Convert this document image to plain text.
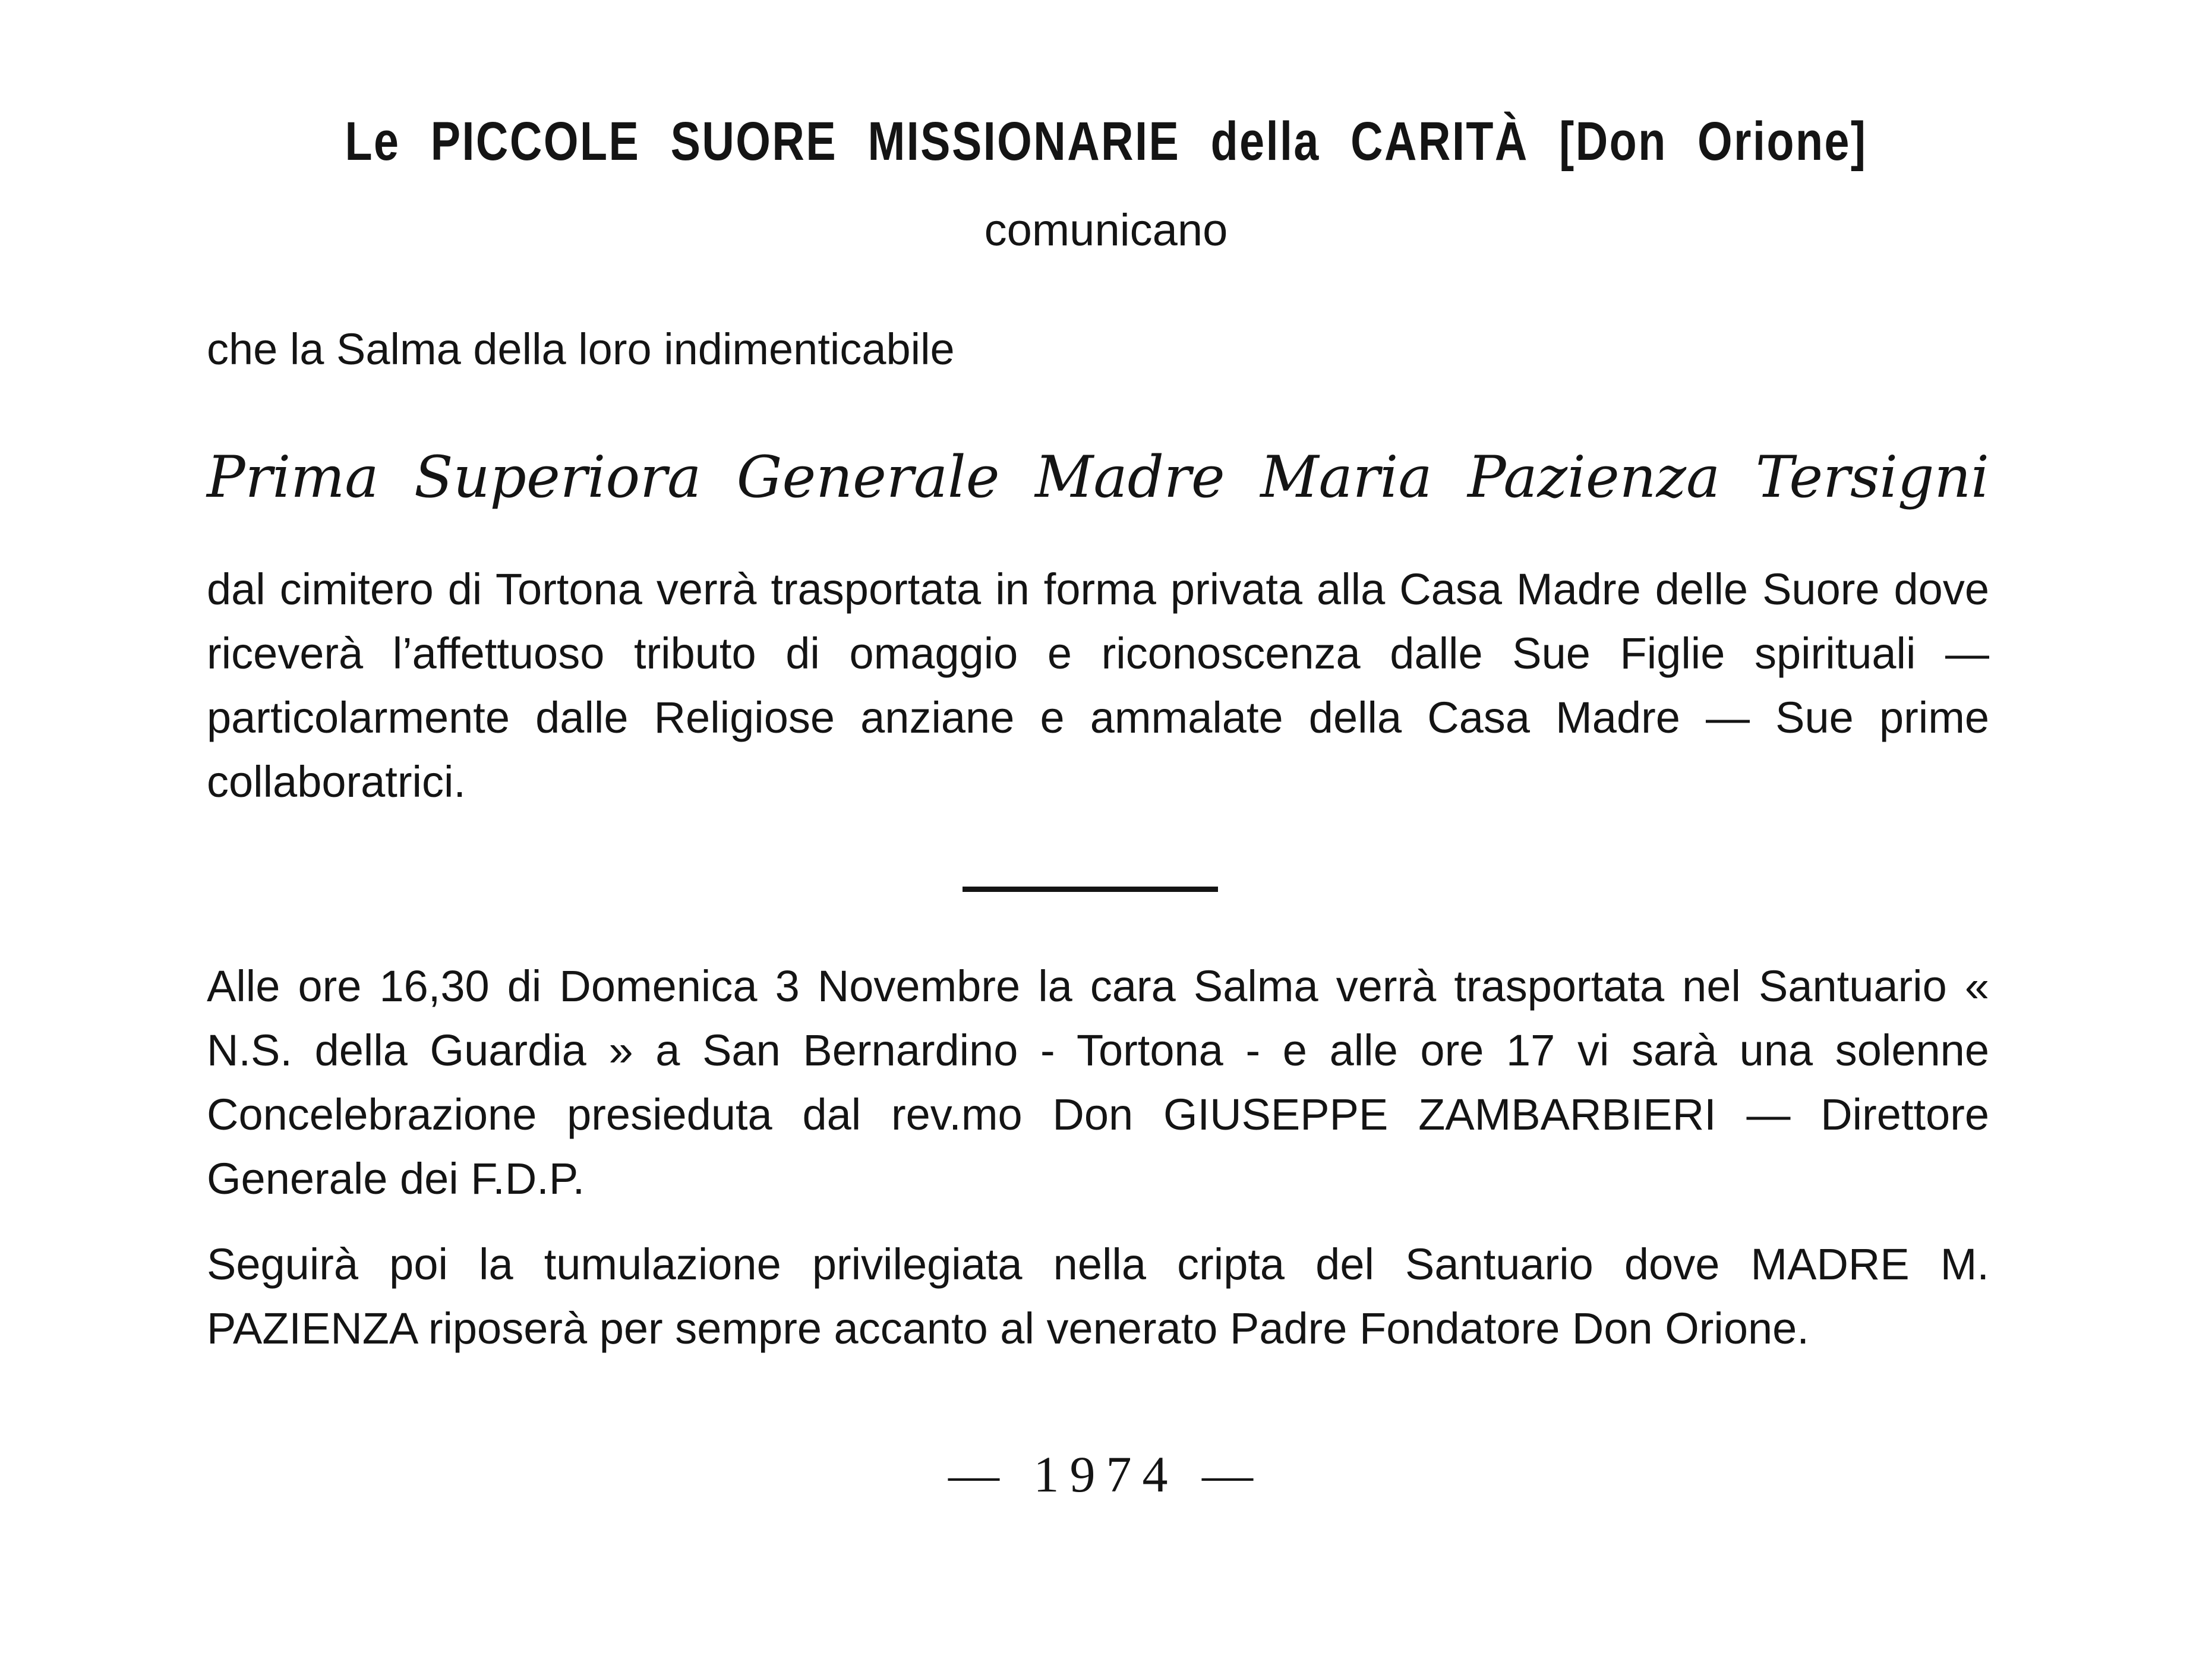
Le PICCOLE SUORE MISSIONARIE della CARITÀ [Don Orione]
comunicano
che la Salma della loro indimenticabile
Prima Superiora Generale Madre Maria Pazienza Tersigni
dal cimitero di Tortona verrà trasportata in forma privata alla Casa Madre delle Suore dove riceverà l’affettuoso tributo di omaggio e riconoscenza dalle Sue Figlie spirituali — particolarmente dalle Religiose anziane e ammalate della Casa Madre — Sue prime collaboratrici.
Alle ore 16,30 di Domenica 3 Novembre la cara Salma verrà trasportata nel Santuario « N.S. della Guardia » a San Bernardino - Tortona - e alle ore 17 vi sarà una solenne Concelebrazione presieduta dal rev.mo Don GIUSEPPE ZAMBARBIERI — Direttore Generale dei F.D.P.
Seguirà poi la tumulazione privilegiata nella cripta del Santuario dove MADRE M. PAZIENZA riposerà per sempre accanto al venerato Padre Fondatore Don Orione.
— 1974 —
